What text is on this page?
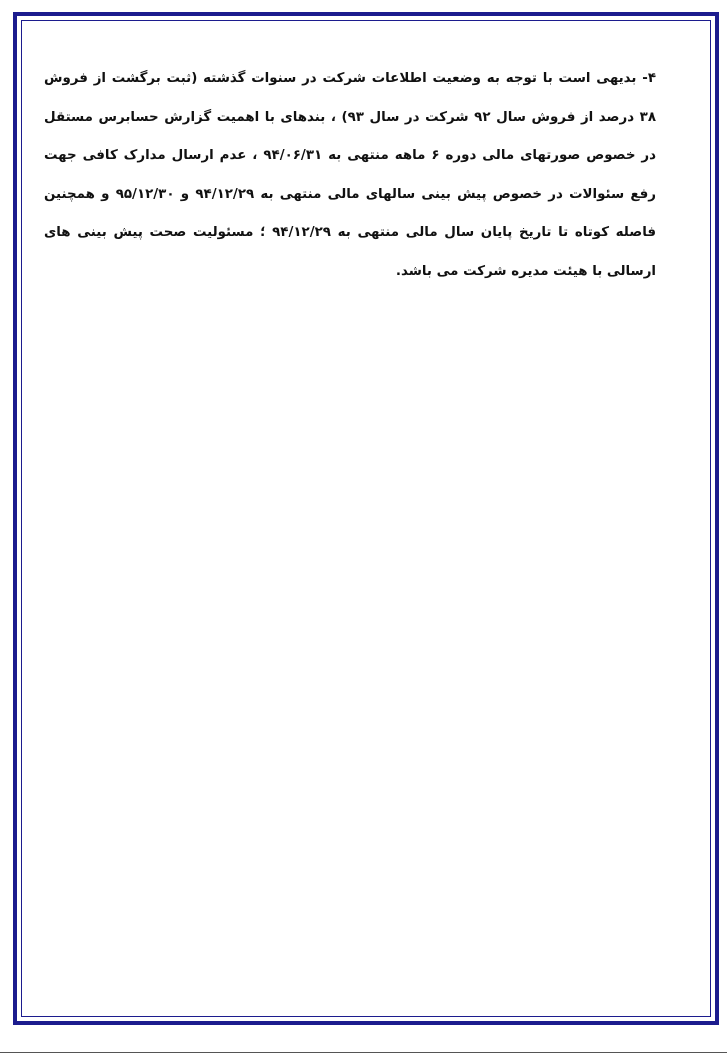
۴- بدیهی است با توجه به وضعیت اطلاعات شرکت در سنوات گذشته (ثبت برگشت از فروش ۳۸ درصد از فروش سال ۹۲ شرکت در سال ۹۳) ، بندهای با اهمیت گزارش حسابرس مستقل در خصوص صورتهای مالی دوره ۶ ماهه منتهی به ۹۴/۰۶/۳۱ ، عدم ارسال مدارک کافی جهت رفع سئوالات در خصوص پیش بینی سالهای مالی منتهی به ۹۴/۱۲/۲۹ و ۹۵/۱۲/۳۰ و همچنین فاصله کوتاه تا تاریخ پایان سال مالی منتهی به ۹۴/۱۲/۲۹ ؛ مسئولیت صحت پیش بینی های ارسالی با هیئت مدیره شرکت می باشد.
